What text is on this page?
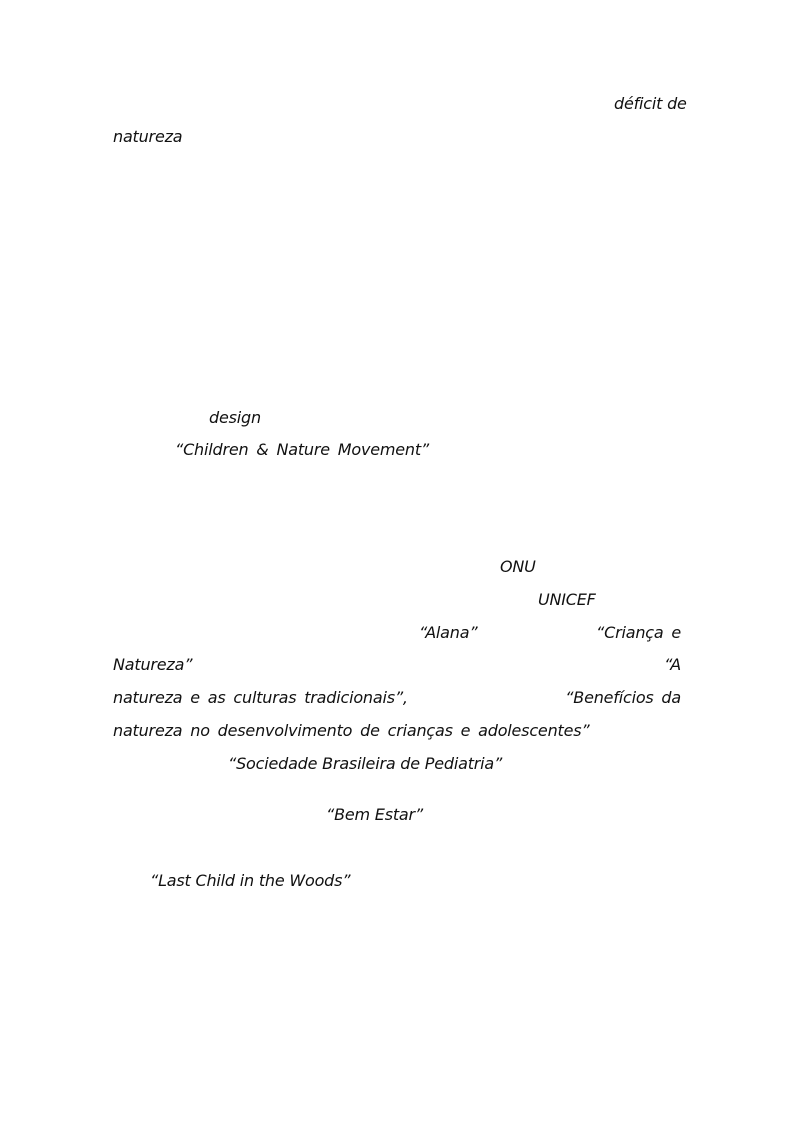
déficit de
natureza
design
“Children & Nature Movement”
ONU
UNICEF
“Alana”	“Criança e
Natureza”	“A
natureza e as culturas tradicionais”,	“Benefícios da
natureza no desenvolvimento de crianças e adolescentes”
“Sociedade Brasileira de Pediatria”
“Bem Estar”
“Last Child in the Woods”
